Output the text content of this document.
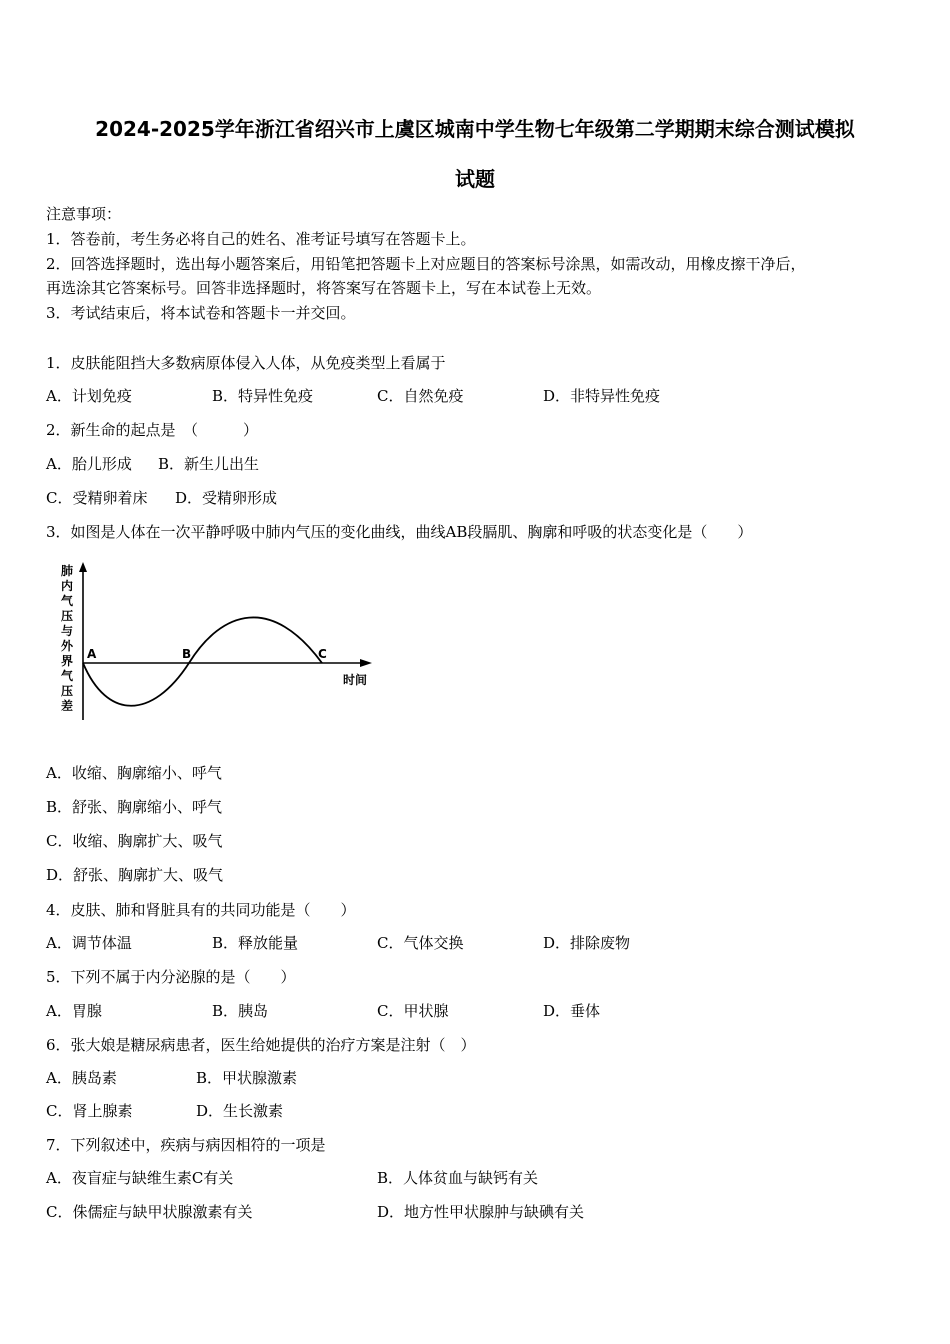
2024-2025学年浙江省绍兴市上虞区城南中学生物七年级第二学期期末综合测试模拟
试题
注意事项：
1．答卷前，考生务必将自己的姓名、准考证号填写在答题卡上。
2．回答选择题时，选出每小题答案后，用铅笔把答题卡上对应题目的答案标号涂黑，如需改动，用橡皮擦干净后，
再选涂其它答案标号。回答非选择题时，将答案写在答题卡上，写在本试卷上无效。
3．考试结束后，将本试卷和答题卡一并交回。
1．皮肤能阻挡大多数病原体侵入人体，从免疫类型上看属于
A．计划免疫	B．特异性免疫	C．自然免疫	D．非特异性免疫
2．新生命的起点是　（　　　）
A．胎儿形成 B．新生儿出生
C．受精卵着床 D．受精卵形成
3．如图是人体在一次平静呼吸中肺内气压的变化曲线，曲线AB段膈肌、胸廓和呼吸的状态变化是（　　）
肺
内
气
压
与
外
界
气
压
差
A	B	C
时间
A．收缩、胸廓缩小、呼气
B．舒张、胸廓缩小、呼气
C．收缩、胸廓扩大、吸气
D．舒张、胸廓扩大、吸气
4．皮肤、肺和肾脏具有的共同功能是（　　）
A．调节体温	B．释放能量	C．气体交换	D．排除废物
5．下列不属于内分泌腺的是（　　）
A．胃腺	B．胰岛	C．甲状腺	D．垂体
6．张大娘是糖尿病患者，医生给她提供的治疗方案是注射（　）
A．胰岛素	B．甲状腺激素
C．肾上腺素	D．生长激素
7．下列叙述中，疾病与病因相符的一项是
A．夜盲症与缺维生素C有关	B．人体贫血与缺钙有关
C．侏儒症与缺甲状腺激素有关	D．地方性甲状腺肿与缺碘有关
